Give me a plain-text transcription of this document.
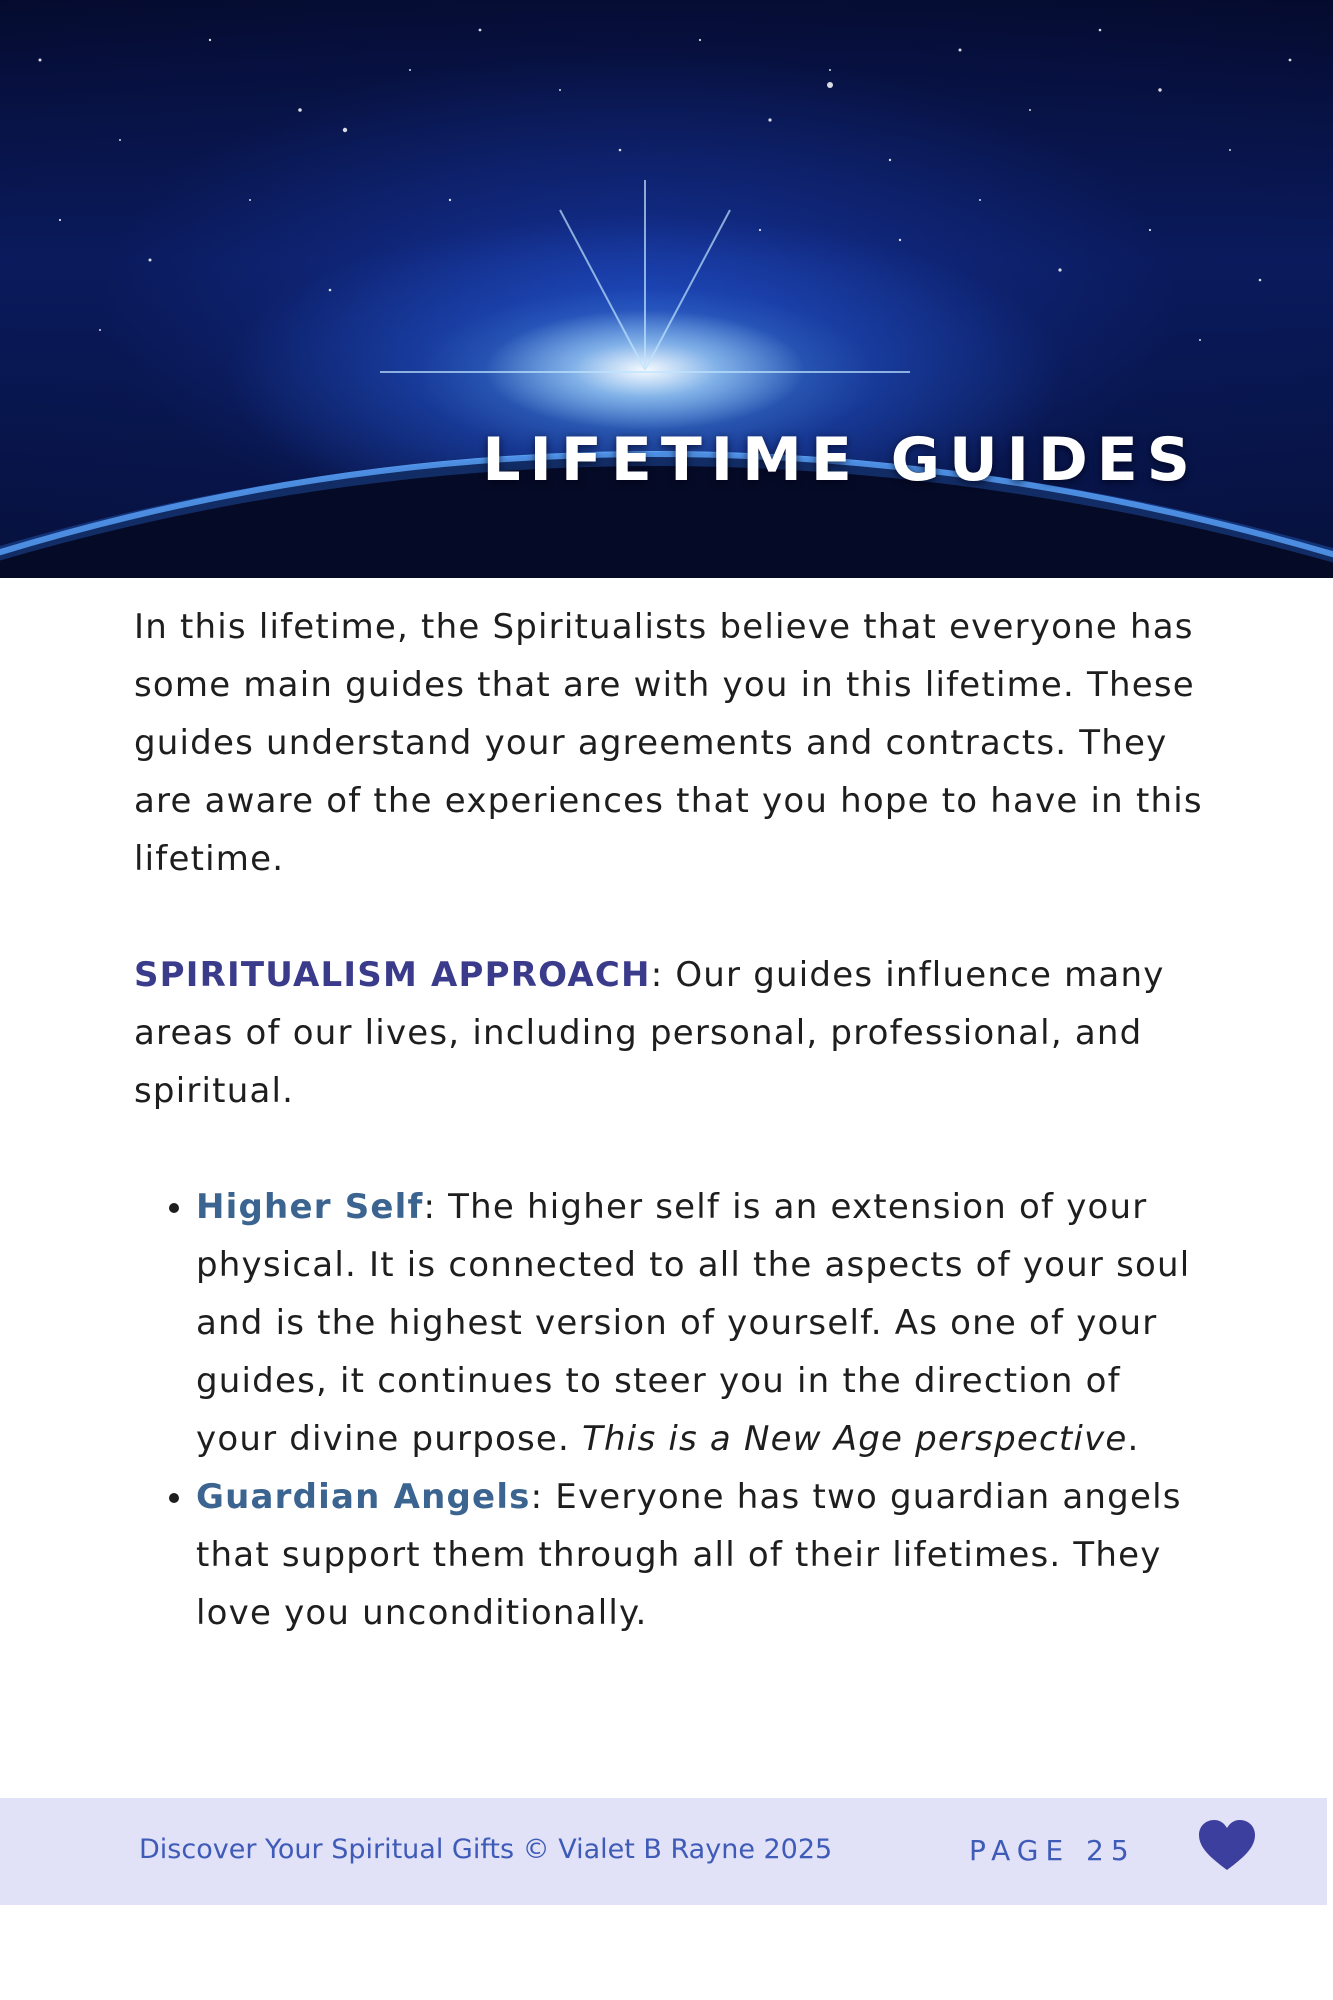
LIFETIME GUIDES

In this lifetime, the Spiritualists believe that everyone has some main guides that are with you in this lifetime. These guides understand your agreements and contracts. They are aware of the experiences that you hope to have in this lifetime.

SPIRITUALISM APPROACH: Our guides influence many areas of our lives, including personal, professional, and spiritual.

• Higher Self: The higher self is an extension of your physical. It is connected to all the aspects of your soul and is the highest version of yourself. As one of your guides, it continues to steer you in the direction of your divine purpose. This is a New Age perspective.
• Guardian Angels: Everyone has two guardian angels that support them through all of their lifetimes. They love you unconditionally.
Discover Your Spiritual Gifts © Vialet B Rayne 2025	PAGE 25
